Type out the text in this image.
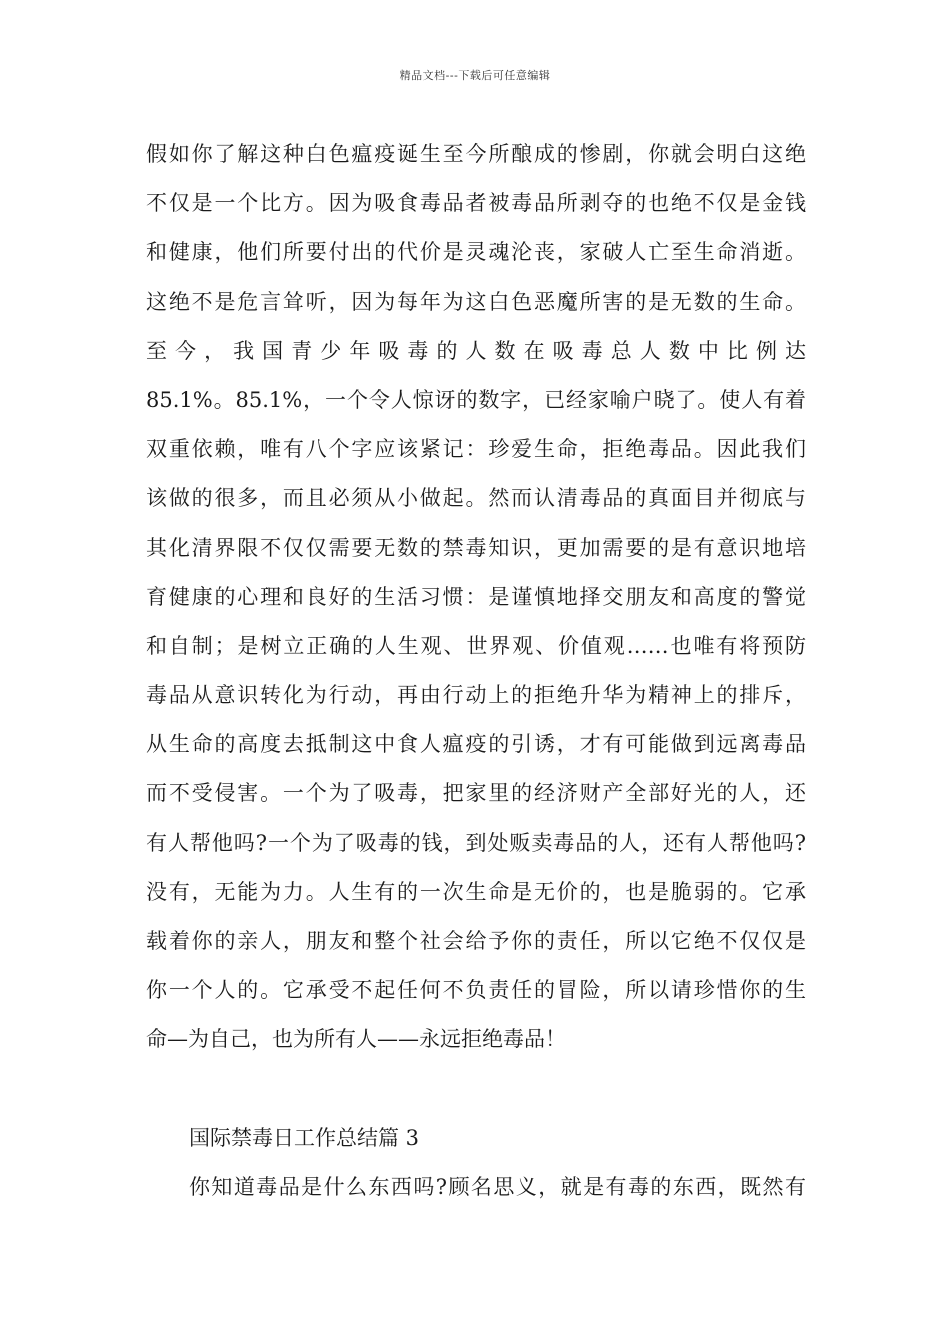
精品文档---下载后可任意编辑
假如你了解这种白色瘟疫诞生至今所酿成的惨剧，你就会明白这绝
不仅是一个比方。因为吸食毒品者被毒品所剥夺的也绝不仅是金钱
和健康，他们所要付出的代价是灵魂沦丧，家破人亡至生命消逝。
这绝不是危言耸听，因为每年为这白色恶魔所害的是无数的生命。
至 今 ， 我 国 青 少 年 吸 毒 的 人 数 在 吸 毒 总 人 数 中 比 例 达
85.1%。85.1%，一个令人惊讶的数字，已经家喻户晓了。使人有着
双重依赖，唯有八个字应该紧记：珍爱生命，拒绝毒品。因此我们
该做的很多，而且必须从小做起。然而认清毒品的真面目并彻底与
其化清界限不仅仅需要无数的禁毒知识，更加需要的是有意识地培
育健康的心理和良好的生活习惯：是谨慎地择交朋友和高度的警觉
和自制；是树立正确的人生观、世界观、价值观……也唯有将预防
毒品从意识转化为行动，再由行动上的拒绝升华为精神上的排斥，
从生命的高度去抵制这中食人瘟疫的引诱，才有可能做到远离毒品
而不受侵害。一个为了吸毒，把家里的经济财产全部好光的人，还
有人帮他吗?一个为了吸毒的钱，到处贩卖毒品的人，还有人帮他吗?
没有，无能为力。人生有的一次生命是无价的，也是脆弱的。它承
载着你的亲人，朋友和整个社会给予你的责任，所以它绝不仅仅是
你一个人的。它承受不起任何不负责任的冒险，所以请珍惜你的生
命—为自己，也为所有人——永远拒绝毒品！
国际禁毒日工作总结篇 3
你知道毒品是什么东西吗?顾名思义，就是有毒的东西，既然有
